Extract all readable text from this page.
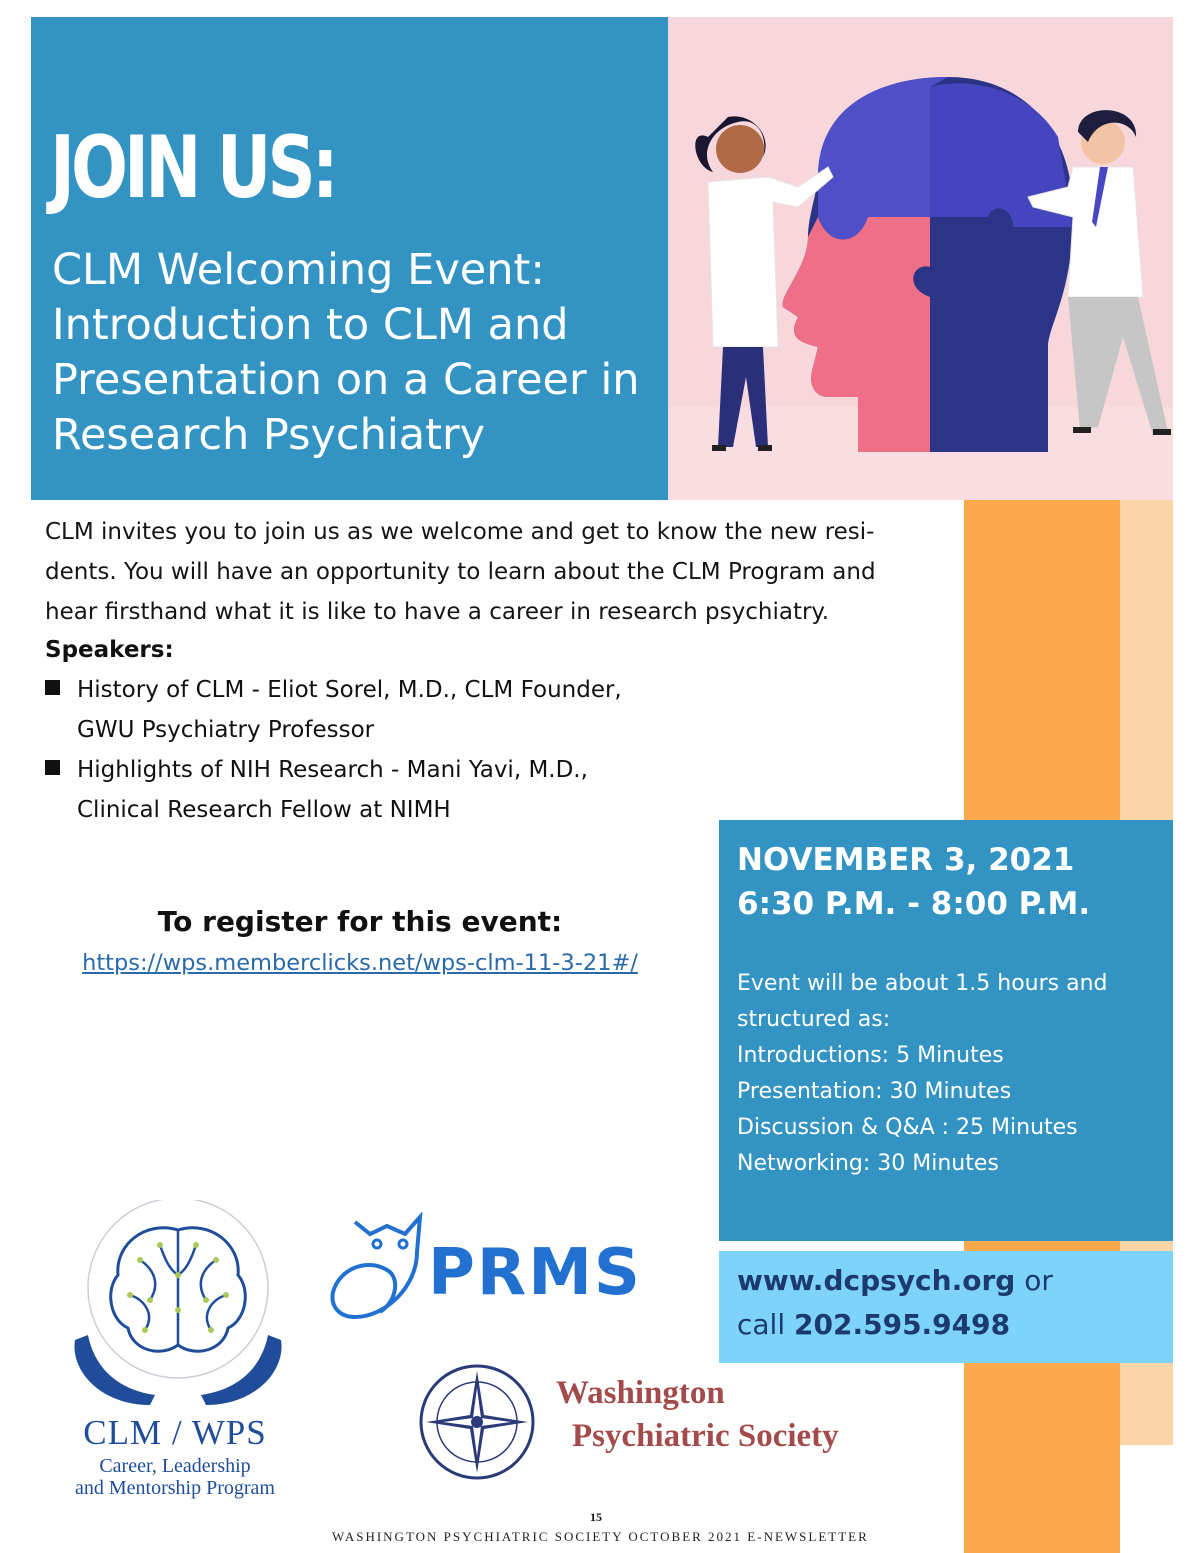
JOIN US:
CLM Welcoming Event: Introduction to CLM and Presentation on a Career in Research Psychiatry
CLM invites you to join us as we welcome and get to know the new resi-dents. You will have an opportunity to learn about the CLM Program and hear firsthand what it is like to have a career in research psychiatry.
Speakers:
History of CLM - Eliot Sorel, M.D., CLM Founder,
GWU Psychiatry Professor
Highlights of NIH Research - Mani Yavi, M.D.,
Clinical Research Fellow at NIMH
To register for this event:
https://wps.memberclicks.net/wps-clm-11-3-21#/
NOVEMBER 3, 2021
6:30 P.M. - 8:00 P.M.
Event will be about 1.5 hours and structured as:
Introductions: 5 Minutes
Presentation: 30 Minutes
Discussion & Q&A : 25 Minutes
Networking: 30 Minutes
www.dcpsych.org or
call 202.595.9498
CLM / WPS
Career, Leadership
and Mentorship Program
PRMS
Washington
Psychiatric Society
15
WASHINGTON PSYCHIATRIC SOCIETY OCTOBER 2021 E-NEWSLETTER
